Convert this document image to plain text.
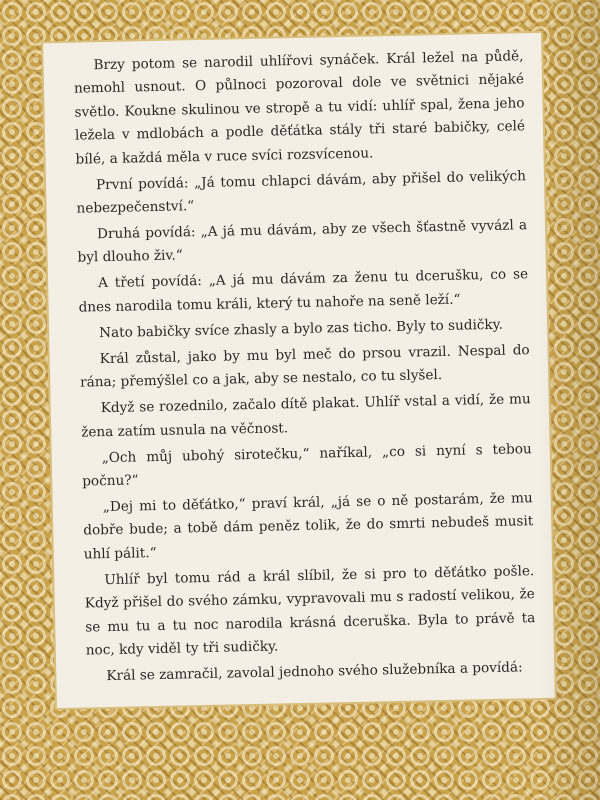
Brzy potom se narodil uhlířovi synáček. Král ležel na půdě, nemohl usnout. O půlnoci pozoroval dole ve světnici nějaké světlo. Koukne skulinou ve stropě a tu vidí: uhlíř spal, žena jeho ležela v mdlobách a podle děťátka stály tři staré babičky, celé bílé, a každá měla v ruce svíci rozsvícenou.

První povídá: „Já tomu chlapci dávám, aby přišel do velikých nebezpečenství.“

Druhá povídá: „A já mu dávám, aby ze všech šťastně vyvázl a byl dlouho živ.“

A třetí povídá: „A já mu dávám za ženu tu dcerušku, co se dnes narodila tomu králi, který tu nahoře na seně leží.“

Nato babičky svíce zhasly a bylo zas ticho. Byly to sudičky.

Král zůstal, jako by mu byl meč do prsou vrazil. Nespal do rána; přemýšlel co a jak, aby se nestalo, co tu slyšel.

Když se rozednilo, začalo dítě plakat. Uhlíř vstal a vidí, že mu žena zatím usnula na věčnost.

„Och můj ubohý sirotečku,“ naříkal, „co si nyní s tebou počnu?“

„Dej mi to děťátko,“ praví král, „já se o ně postarám, že mu dobře bude; a tobě dám peněz tolik, že do smrti nebudeš musit uhlí pálit.“

Uhlíř byl tomu rád a král slíbil, že si pro to děťátko pošle. Když přišel do svého zámku, vypravovali mu s radostí velikou, že se mu tu a tu noc narodila krásná dceruška. Byla to právě ta noc, kdy viděl ty tři sudičky.

Král se zamračil, zavolal jednoho svého služebníka a povídá:
